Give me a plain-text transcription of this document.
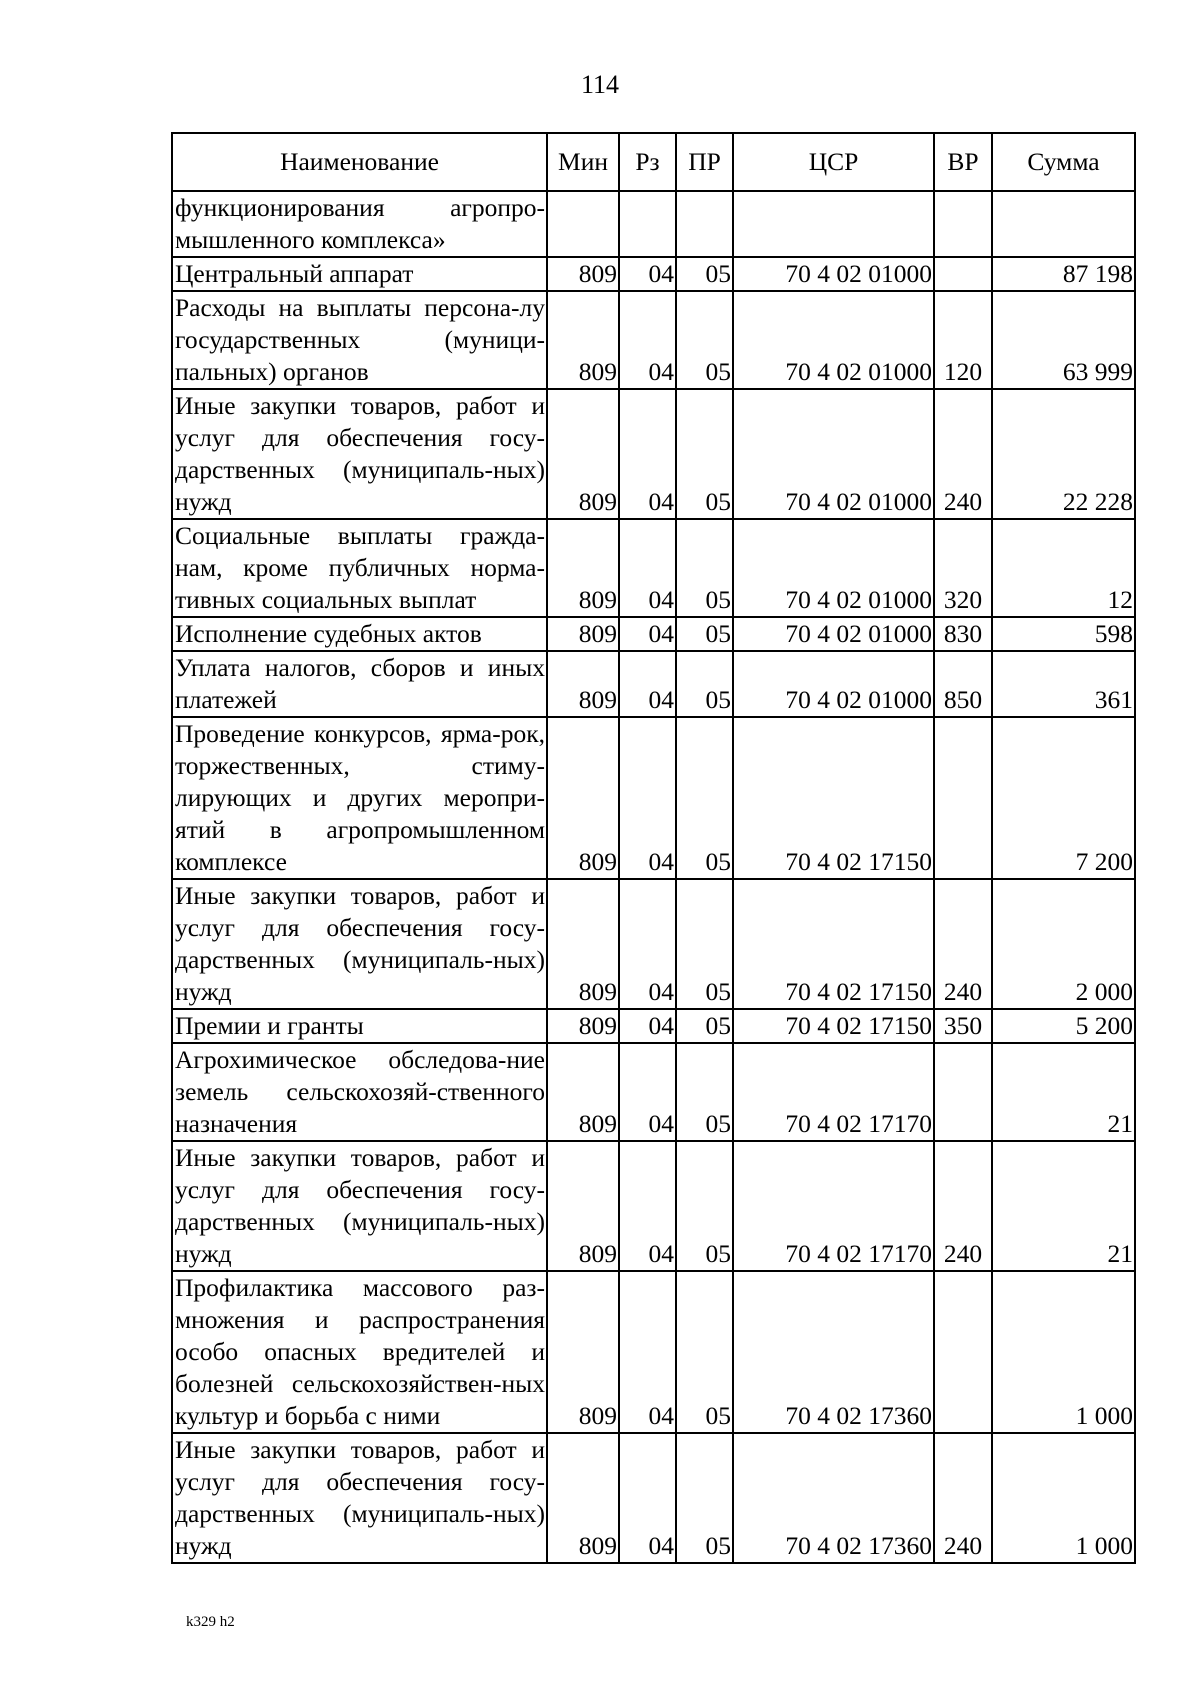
114
Наименование	Мин	Рз	ПР	ЦСР	ВР	Сумма
функционирования агропро-мышленного комплекса»						
Центральный аппарат	809	04	05	70 4 02 01000		87 198
Расходы на выплаты персона-лу государственных (муници-пальных) органов	809	04	05	70 4 02 01000	120	63 999
Иные закупки товаров, работ и услуг для обеспечения госу-дарственных (муниципаль-ных) нужд	809	04	05	70 4 02 01000	240	22 228
Социальные выплаты гражда-нам, кроме публичных норма-тивных социальных выплат	809	04	05	70 4 02 01000	320	12
Исполнение судебных актов	809	04	05	70 4 02 01000	830	598
Уплата налогов, сборов и иных платежей	809	04	05	70 4 02 01000	850	361
Проведение конкурсов, ярма-рок, торжественных, стиму-лирующих и других меропри-ятий в агропромышленном комплексе	809	04	05	70 4 02 17150		7 200
Иные закупки товаров, работ и услуг для обеспечения госу-дарственных (муниципаль-ных) нужд	809	04	05	70 4 02 17150	240	2 000
Премии и гранты	809	04	05	70 4 02 17150	350	5 200
Агрохимическое обследова-ние земель сельскохозяй-ственного назначения	809	04	05	70 4 02 17170		21
Иные закупки товаров, работ и услуг для обеспечения госу-дарственных (муниципаль-ных) нужд	809	04	05	70 4 02 17170	240	21
Профилактика массового раз-множения и распространения особо опасных вредителей и болезней сельскохозяйствен-ных культур и борьба с ними	809	04	05	70 4 02 17360		1 000
Иные закупки товаров, работ и услуг для обеспечения госу-дарственных (муниципаль-ных) нужд	809	04	05	70 4 02 17360	240	1 000
k329 h2
